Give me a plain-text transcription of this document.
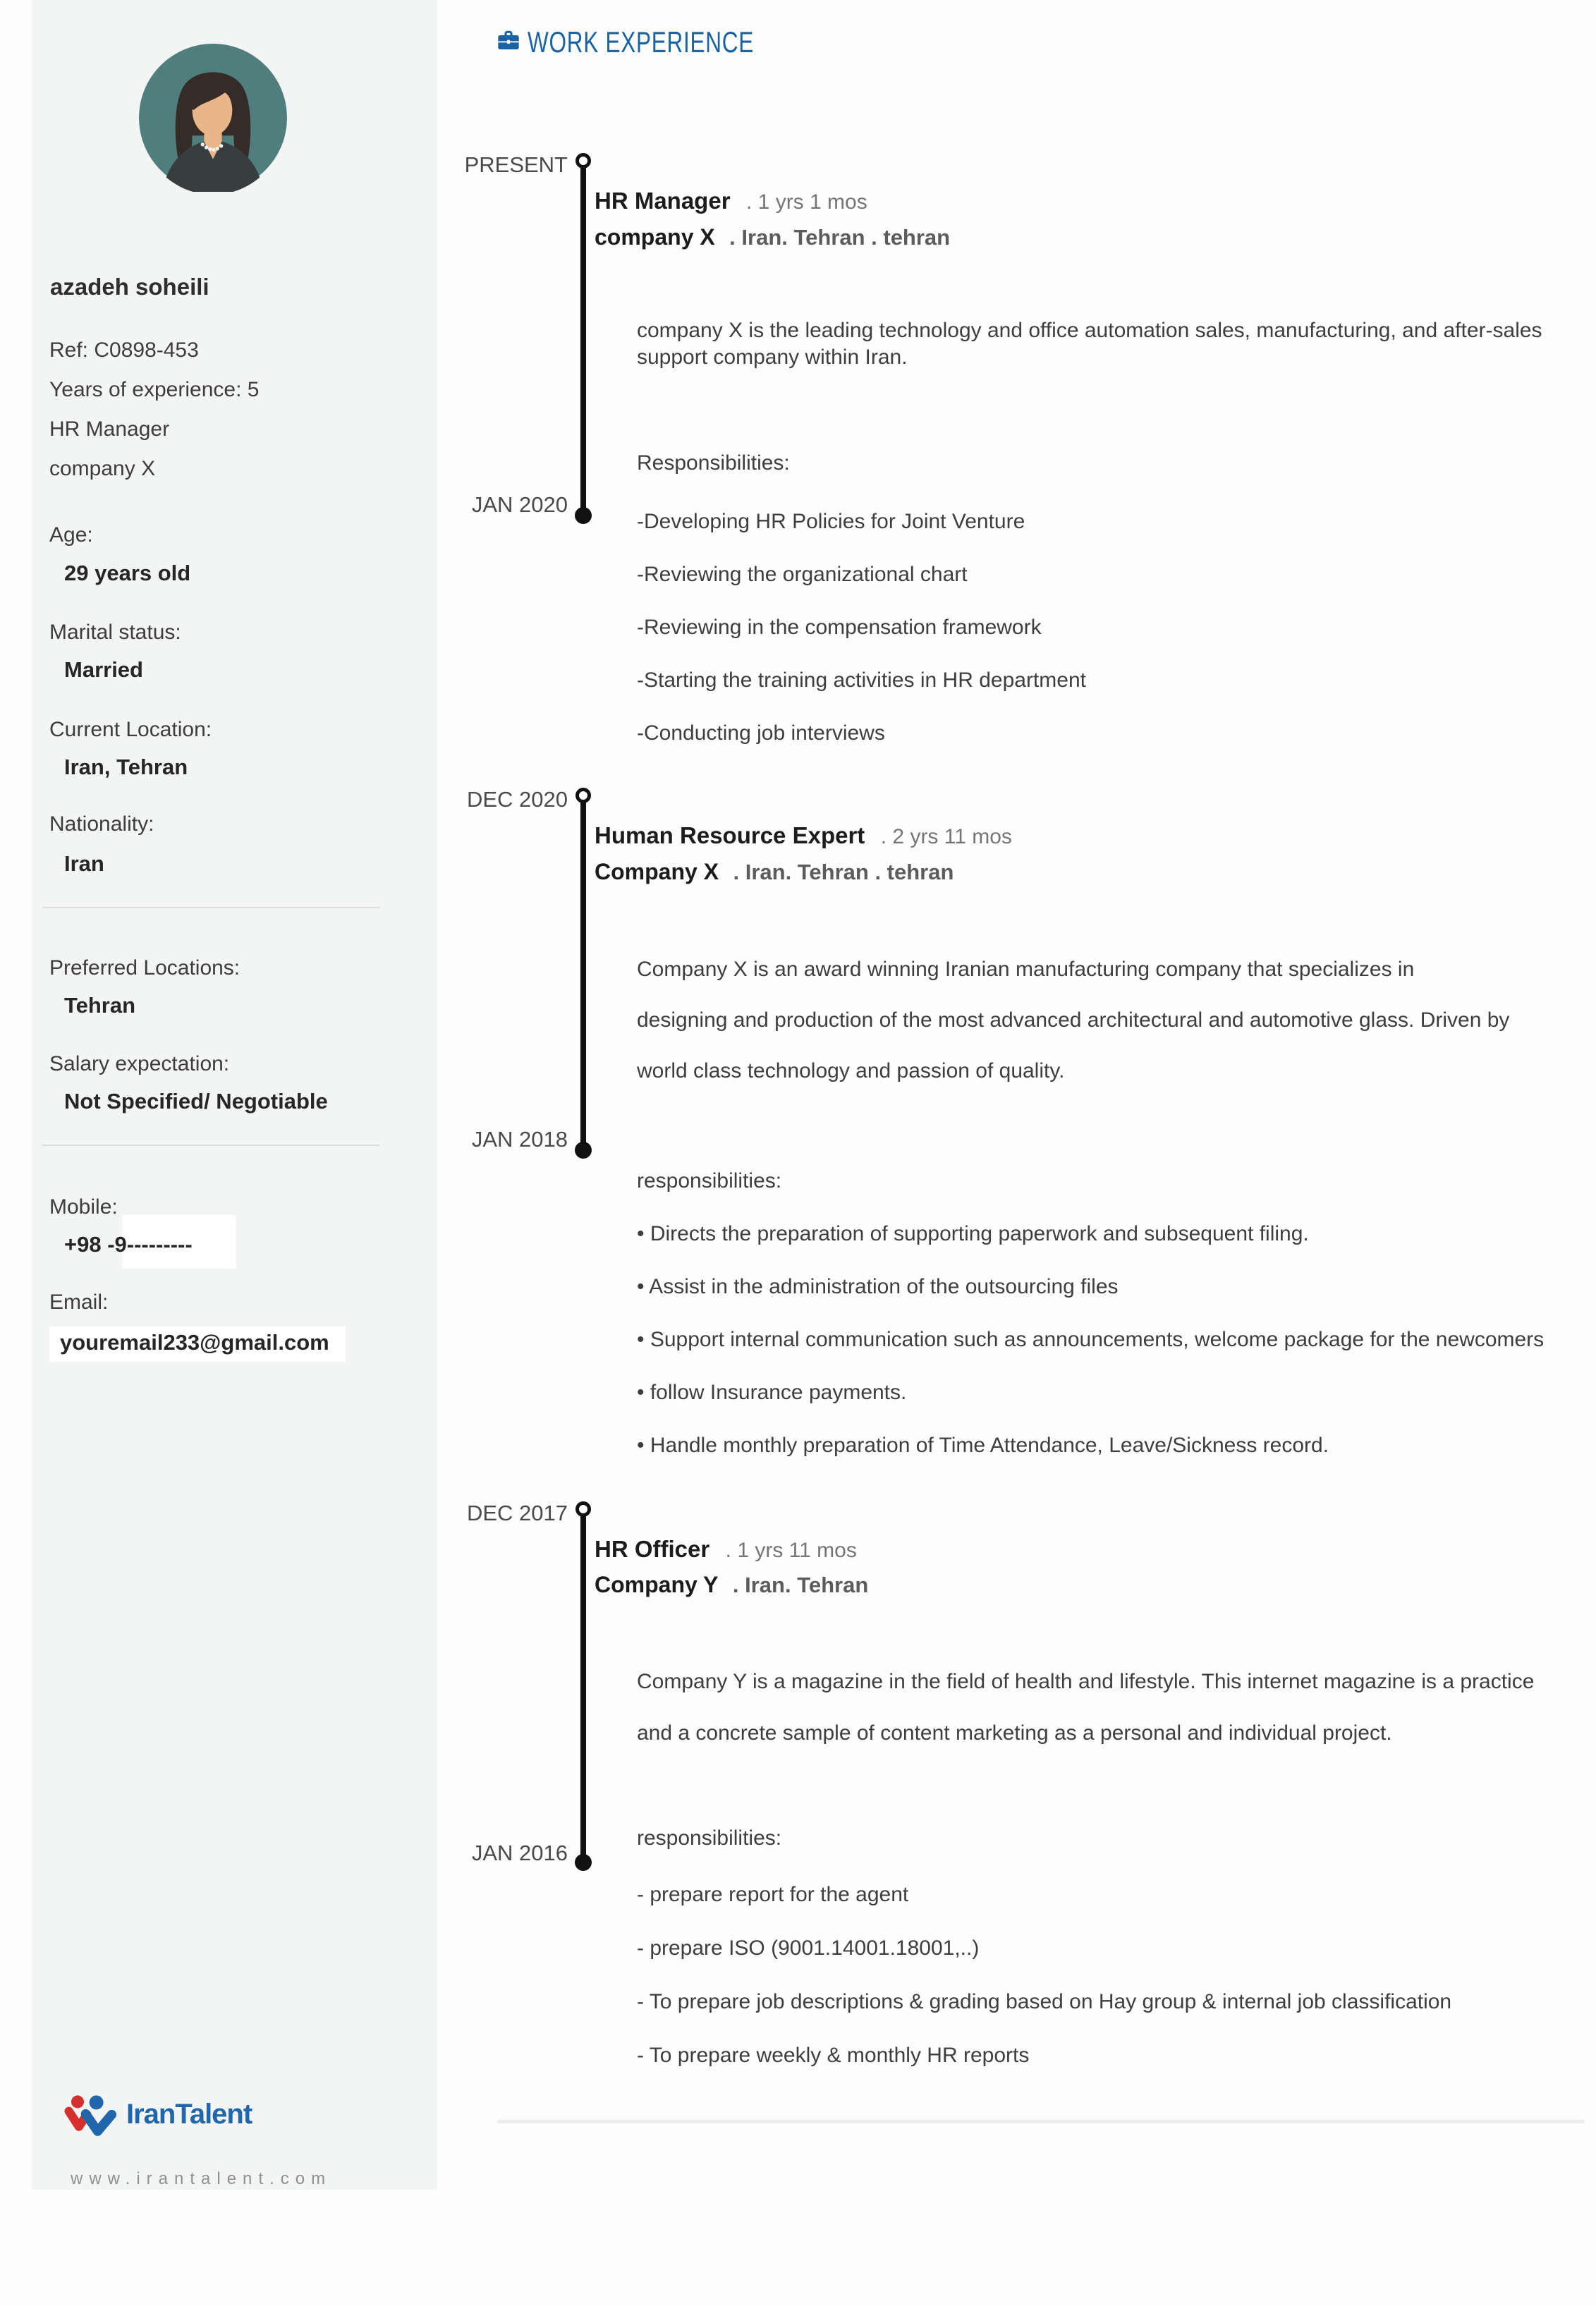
azadeh soheili
Ref: C0898-453
Years of experience: 5
HR Manager
company X
Age:
29 years old
Marital status:
Married
Current Location:
Iran, Tehran
Nationality:
Iran
Preferred Locations:
Tehran
Salary expectation:
Not Specified/ Negotiable
Mobile:
+98 -9---------
Email:
youremail233@gmail.com
IranTalent
www.irantalent.com
WORK EXPERIENCE
PRESENT
JAN 2020
HR Manager . 1 yrs 1 mos
company X . Iran. Tehran . tehran
company X is the leading technology and office automation sales, manufacturing, and after-sales
support company within Iran.
Responsibilities:
-Developing HR Policies for Joint Venture
-Reviewing the organizational chart
-Reviewing in the compensation framework
-Starting the training activities in HR department
-Conducting job interviews
DEC 2020
JAN 2018
Human Resource Expert . 2 yrs 11 mos
Company X . Iran. Tehran . tehran
Company X is an award winning Iranian manufacturing company that specializes in
designing and production of the most advanced architectural and automotive glass. Driven by
world class technology and passion of quality.
responsibilities:
• Directs the preparation of supporting paperwork and subsequent filing.
• Assist in the administration of the outsourcing files
• Support internal communication such as announcements, welcome package for the newcomers
• follow Insurance payments.
• Handle monthly preparation of Time Attendance, Leave/Sickness record.
DEC 2017
JAN 2016
HR Officer . 1 yrs 11 mos
Company Y . Iran. Tehran
Company Y is a magazine in the field of health and lifestyle. This internet magazine is a practice
and a concrete sample of content marketing as a personal and individual project.
responsibilities:
- prepare report for the agent
- prepare ISO (9001.14001.18001,..)
- To prepare job descriptions & grading based on Hay group & internal job classification
- To prepare weekly & monthly HR reports
